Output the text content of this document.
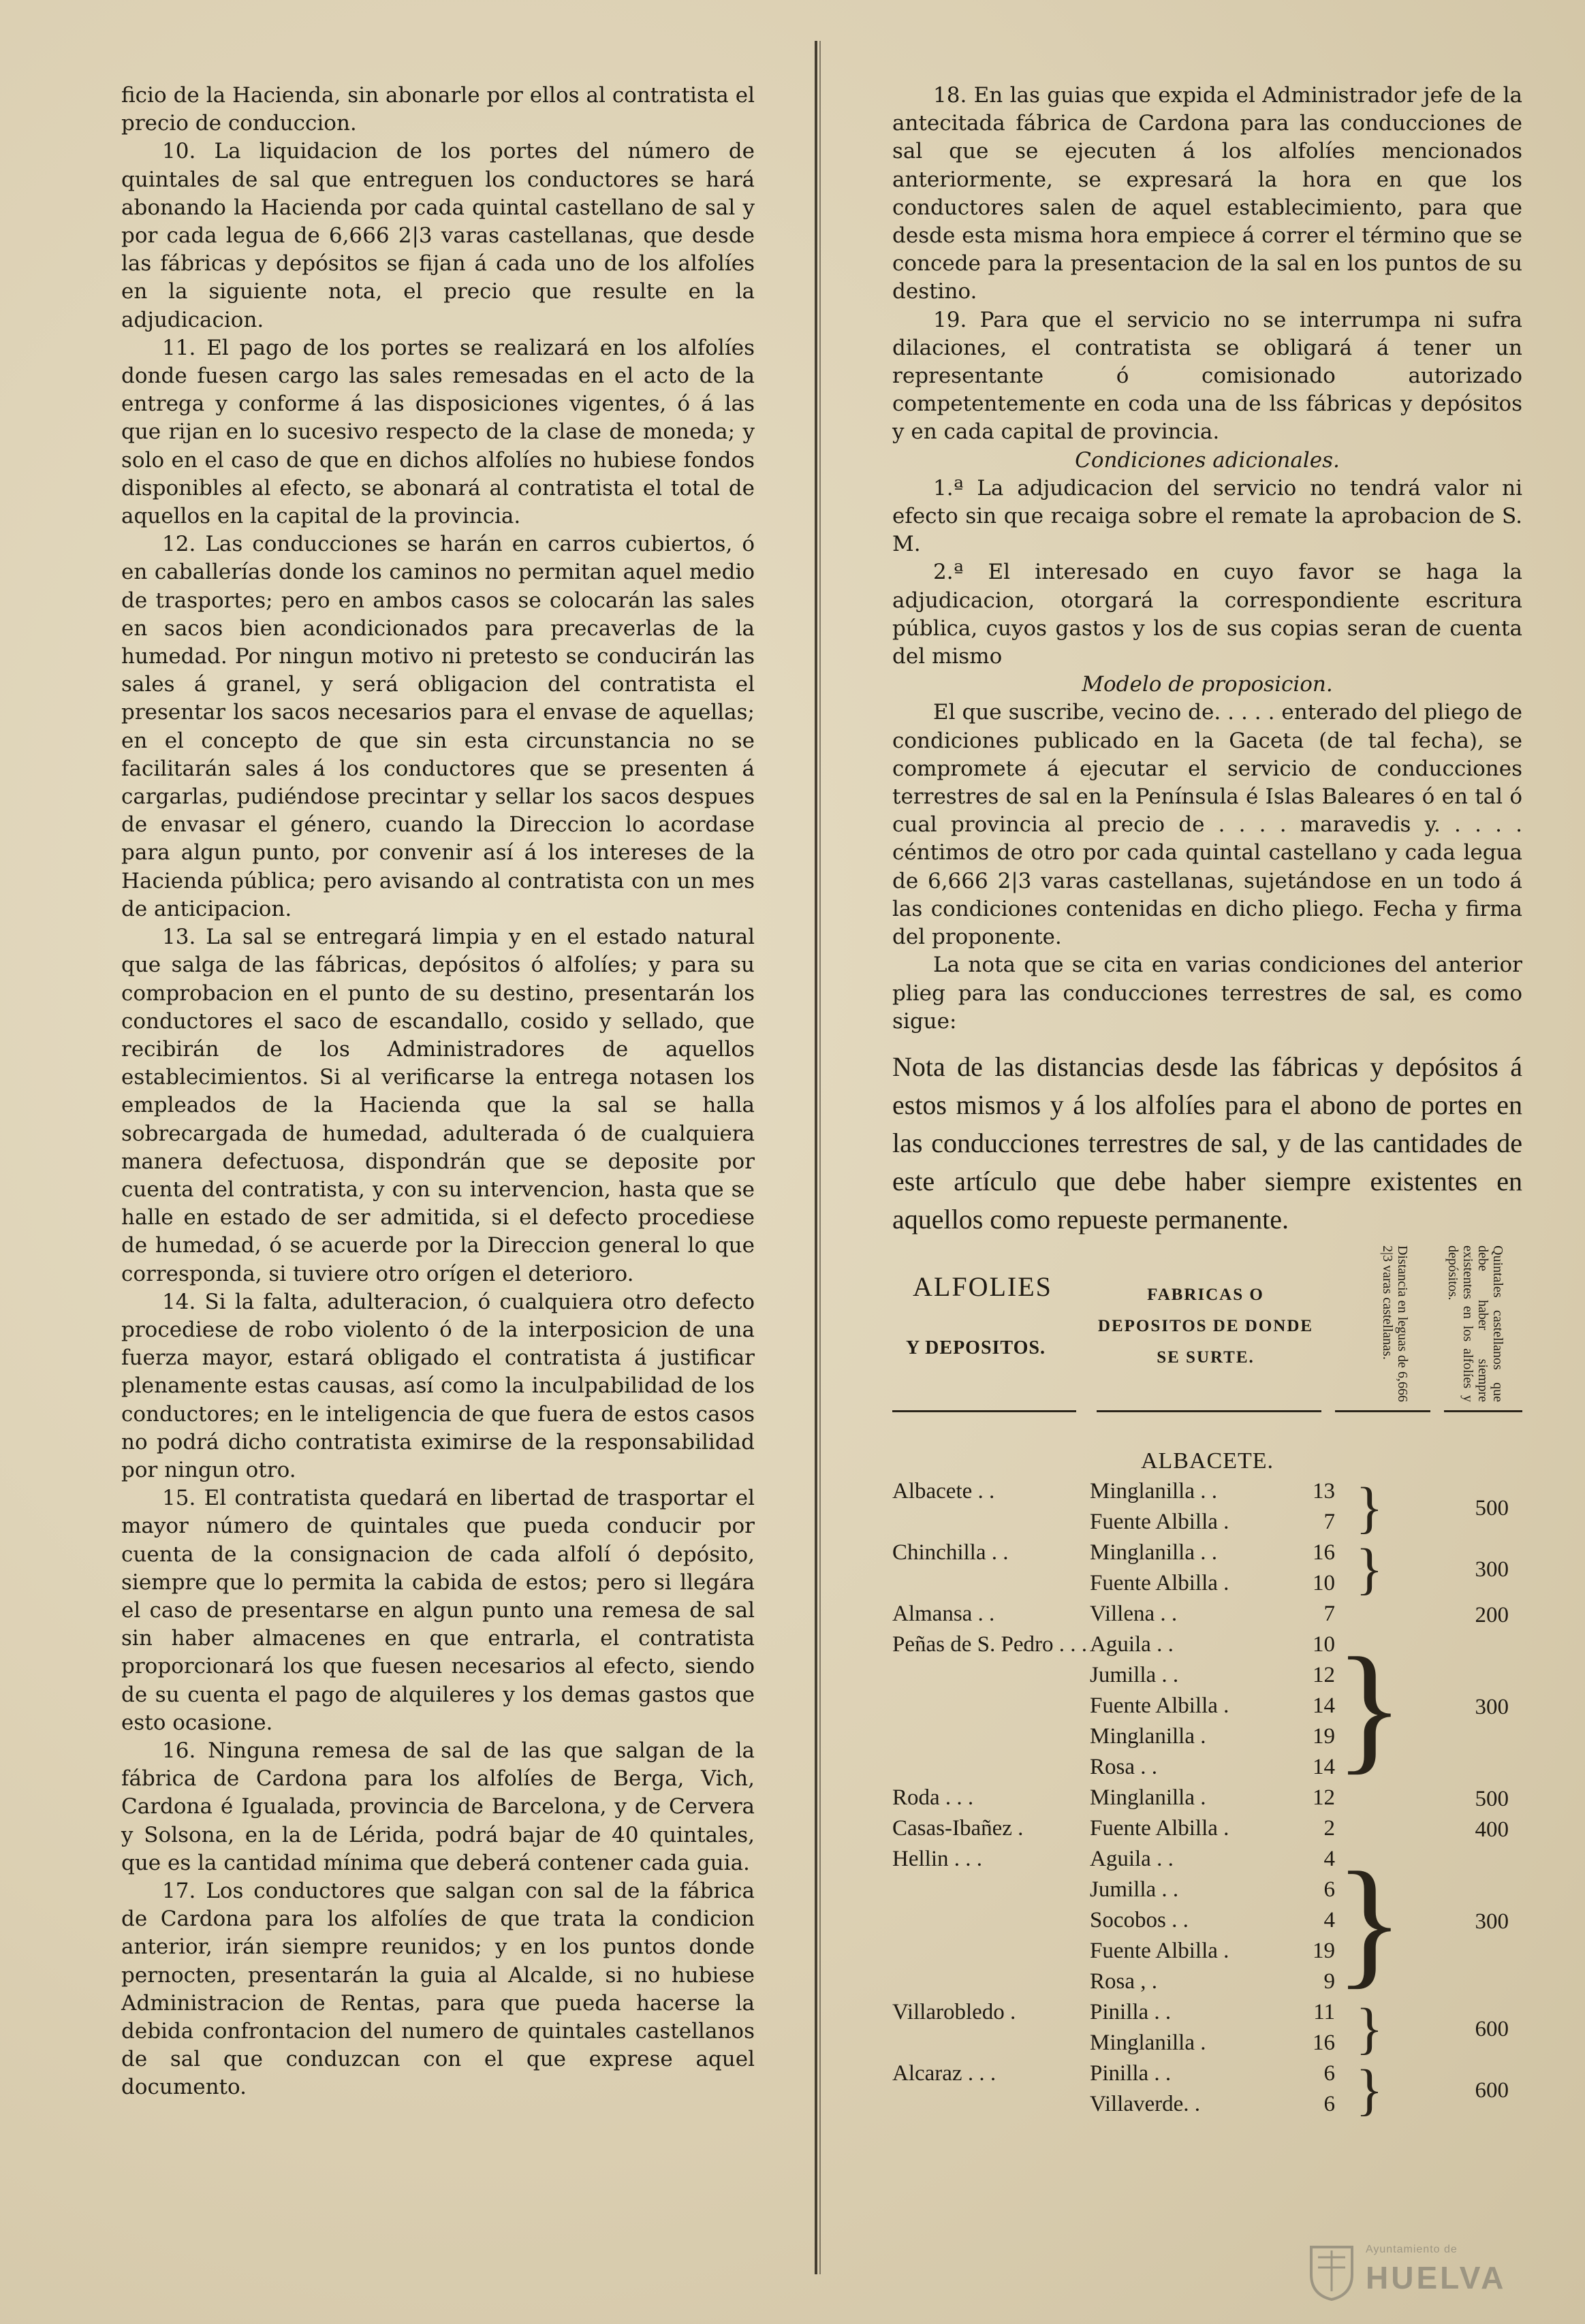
ficio de la Hacienda, sin abonarle por ellos al contratista el precio de conduccion.

10. La liquidacion de los portes del número de quintales de sal que entreguen los conductores se hará abonando la Hacienda por cada quintal castellano de sal y por cada legua de 6,666 2|3 varas castellanas, que desde las fábricas y depósitos se fijan á cada uno de los alfolíes en la siguiente nota, el precio que resulte en la adjudicacion.

11. El pago de los portes se realizará en los alfolíes donde fuesen cargo las sales remesadas en el acto de la entrega y conforme á las disposiciones vigentes, ó á las que rijan en lo sucesivo respecto de la clase de moneda; y solo en el caso de que en dichos alfolíes no hubiese fondos disponibles al efecto, se abonará al contratista el total de aquellos en la capital de la provincia.

12. Las conducciones se harán en carros cubiertos, ó en caballerías donde los caminos no permitan aquel medio de trasportes; pero en ambos casos se colocarán las sales en sacos bien acondicionados para precaverlas de la humedad. Por ningun motivo ni pretesto se conducirán las sales á granel, y será obligacion del contratista el presentar los sacos necesarios para el envase de aquellas; en el concepto de que sin esta circunstancia no se facilitarán sales á los conductores que se presenten á cargarlas, pudiéndose precintar y sellar los sacos despues de envasar el género, cuando la Direccion lo acordase para algun punto, por convenir así á los intereses de la Hacienda pública; pero avisando al contratista con un mes de anticipacion.

13. La sal se entregará limpia y en el estado natural que salga de las fábricas, depósitos ó alfolíes; y para su comprobacion en el punto de su destino, presentarán los conductores el saco de escandallo, cosido y sellado, que recibirán de los Administradores de aquellos establecimientos. Si al verificarse la entrega notasen los empleados de la Hacienda que la sal se halla sobrecargada de humedad, adulterada ó de cualquiera manera defectuosa, dispondrán que se deposite por cuenta del contratista, y con su intervencion, hasta que se halle en estado de ser admitida, si el defecto procediese de humedad, ó se acuerde por la Direccion general lo que corresponda, si tuviere otro orígen el deterioro.

14. Si la falta, adulteracion, ó cualquiera otro defecto procediese de robo violento ó de la interposicion de una fuerza mayor, estará obligado el contratista á justificar plenamente estas causas, así como la inculpabilidad de los conductores; en le inteligencia de que fuera de estos casos no podrá dicho contratista eximirse de la responsabilidad por ningun otro.

15. El contratista quedará en libertad de trasportar el mayor número de quintales que pueda conducir por cuenta de la consignacion de cada alfolí ó depósito, siempre que lo permita la cabida de estos; pero si llegára el caso de presentarse en algun punto una remesa de sal sin haber almacenes en que entrarla, el contratista proporcionará los que fuesen necesarios al efecto, siendo de su cuenta el pago de alquileres y los demas gastos que esto ocasione.

16. Ninguna remesa de sal de las que salgan de la fábrica de Cardona para los alfolíes de Berga, Vich, Cardona é Igualada, provincia de Barcelona, y de Cervera y Solsona, en la de Lérida, podrá bajar de 40 quintales, que es la cantidad mínima que deberá contener cada guia.

17. Los conductores que salgan con sal de la fábrica de Cardona para los alfolíes de que trata la condicion anterior, irán siempre reunidos; y en los puntos donde pernocten, presentarán la guia al Alcalde, si no hubiese Administracion de Rentas, para que pueda hacerse la debida confrontacion del numero de quintales castellanos de sal que conduzcan con el que exprese aquel documento.

18. En las guias que expida el Administrador jefe de la antecitada fábrica de Cardona para las conducciones de sal que se ejecuten á los alfolíes mencionados anteriormente, se expresará la hora en que los conductores salen de aquel establecimiento, para que desde esta misma hora empiece á correr el término que se concede para la presentacion de la sal en los puntos de su destino.

19. Para que el servicio no se interrumpa ni sufra dilaciones, el contratista se obligará á tener un representante ó comisionado autorizado competentemente en coda una de lss fábricas y depósitos y en cada capital de provincia.

Condiciones adicionales.

1.ª La adjudicacion del servicio no tendrá valor ni efecto sin que recaiga sobre el remate la aprobacion de S. M.

2.ª El interesado en cuyo favor se haga la adjudicacion, otorgará la correspondiente escritura pública, cuyos gastos y los de sus copias seran de cuenta del mismo

Modelo de proposicion.

El que suscribe, vecino de. . . . . enterado del pliego de condiciones publicado en la Gaceta (de tal fecha), se compromete á ejecutar el servicio de conducciones terrestres de sal en la Península é Islas Baleares ó en tal ó cual provincia al precio de . . . . maravedis y. . . . . céntimos de otro por cada quintal castellano y cada legua de 6,666 2|3 varas castellanas, sujetándose en un todo á las condiciones contenidas en dicho pliego. Fecha y firma del proponente.

La nota que se cita en varias condiciones del anterior plieg para las conducciones terrestres de sal, es como sigue:

Nota de las distancias desde las fábricas y depósitos á estos mismos y á los alfolíes para el abono de portes en las conducciones terrestres de sal, y de las cantidades de este artículo que debe haber siempre existentes en aquellos como repueste permanente.

ALFOLIES
Y DEPOSITOS.
FABRICAS O DEPOSITOS DE DONDE SE SURTE.	Distancia en leguas de 6,666 2|3 varas castellanas.	Quintales castellanos que debe haber siempre existentes en los alfolíes y depósitos.
ALBACETE.
Albacete . .	Minglanilla . .	13	}	500
	Fuente Albilla .	7		
Chinchilla . .	Minglanilla . .	16	}	300
	Fuente Albilla .	10		
Almansa . .	Villena . .	7		200
Peñas de S. Pedro . . .	Aguila . .	10	}	300
	Jumilla . .	12		
	Fuente Albilla .	14		
	Minglanilla .	19		
	Rosa . .	14		
Roda . . .	Minglanilla .	12		500
Casas-Ibañez .	Fuente Albilla .	2		400
Hellin . . .	Aguila . .	4	}	300
	Jumilla . .	6		
	Socobos . .	4		
	Fuente Albilla .	19		
	Rosa , .	9		
Villarobledo .	Pinilla . .	11	}	600
	Minglanilla .	16		
Alcaraz . . .	Pinilla . .	6	}	600
	Villaverde. .	6		
Ayuntamiento de
HUELVA
